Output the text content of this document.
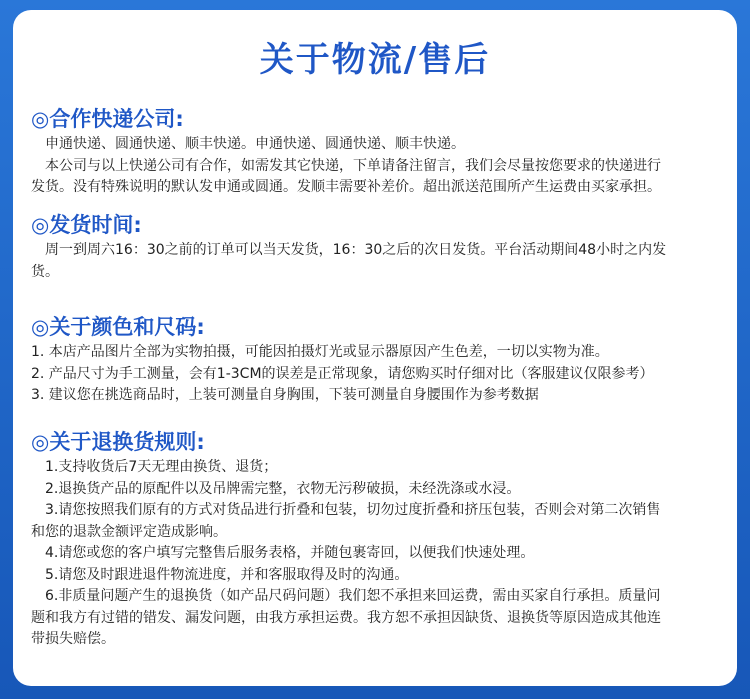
关于物流/售后
◎合作快递公司:
申通快递、圆通快递、顺丰快递。申通快递、圆通快递、顺丰快递。
本公司与以上快递公司有合作，如需发其它快递，下单请备注留言，我们会尽量按您要求的快递进行
发货。没有特殊说明的默认发申通或圆通。发顺丰需要补差价。超出派送范围所产生运费由买家承担。
◎发货时间:
周一到周六16：30之前的订单可以当天发货，16：30之后的次日发货。平台活动期间48小时之内发
货。
◎关于颜色和尺码:
1. 本店产品图片全部为实物拍摄，可能因拍摄灯光或显示器原因产生色差，一切以实物为准。
2. 产品尺寸为手工测量，会有1-3CM的误差是正常现象，请您购买时仔细对比（客服建议仅限参考）
3. 建议您在挑选商品时，上装可测量自身胸围，下装可测量自身腰围作为参考数据
◎关于退换货规则:
1.支持收货后7天无理由换货、退货；
2.退换货产品的原配件以及吊牌需完整，衣物无污秽破损，未经洗涤或水浸。
3.请您按照我们原有的方式对货品进行折叠和包装，切勿过度折叠和挤压包装，否则会对第二次销售
和您的退款金额评定造成影响。
4.请您或您的客户填写完整售后服务表格，并随包裹寄回，以便我们快速处理。
5.请您及时跟进退件物流进度，并和客服取得及时的沟通。
6.非质量问题产生的退换货（如产品尺码问题）我们恕不承担来回运费，需由买家自行承担。质量问
题和我方有过错的错发、漏发问题，由我方承担运费。我方恕不承担因缺货、退换货等原因造成其他连
带损失赔偿。
